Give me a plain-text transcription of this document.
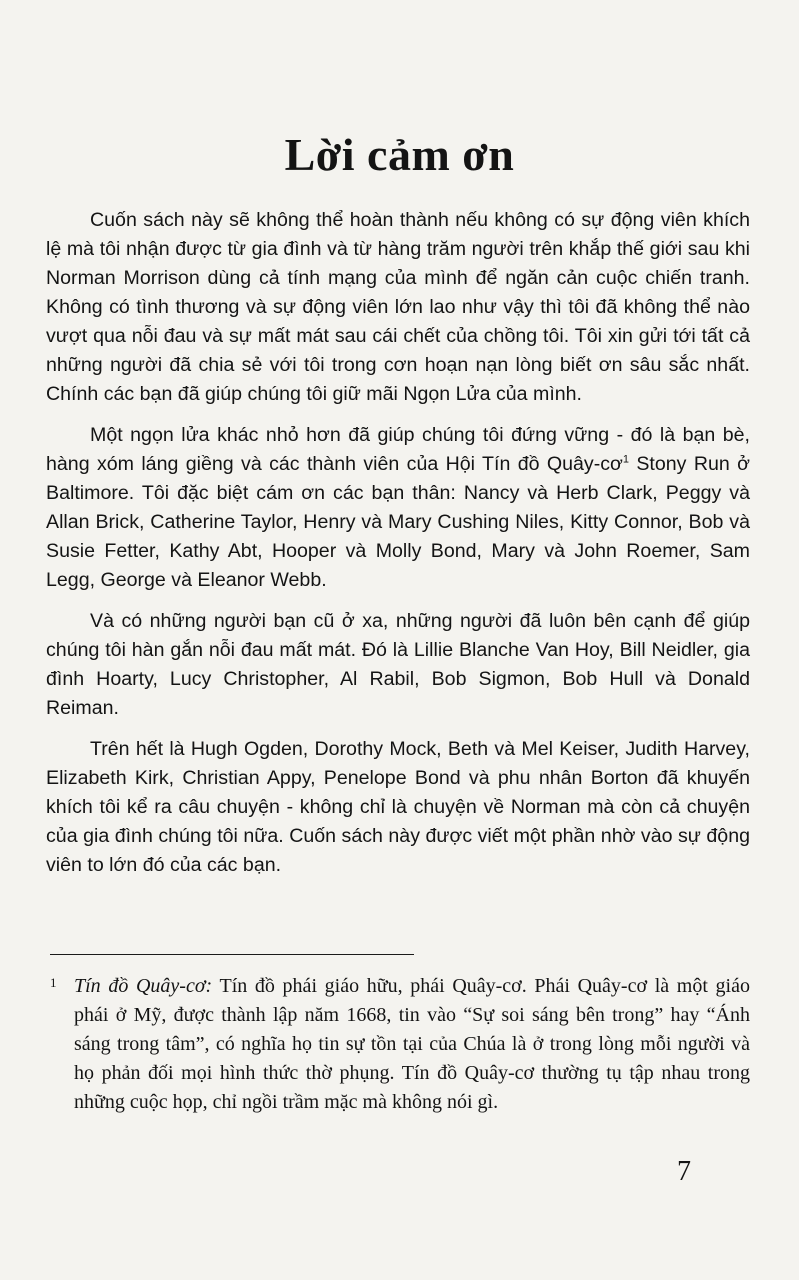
Lời cảm ơn

Cuốn sách này sẽ không thể hoàn thành nếu không có sự động viên khích lệ mà tôi nhận được từ gia đình và từ hàng trăm người trên khắp thế giới sau khi Norman Morrison dùng cả tính mạng của mình để ngăn cản cuộc chiến tranh. Không có tình thương và sự động viên lớn lao như vậy thì tôi đã không thể nào vượt qua nỗi đau và sự mất mát sau cái chết của chồng tôi. Tôi xin gửi tới tất cả những người đã chia sẻ với tôi trong cơn hoạn nạn lòng biết ơn sâu sắc nhất. Chính các bạn đã giúp chúng tôi giữ mãi Ngọn Lửa của mình.

Một ngọn lửa khác nhỏ hơn đã giúp chúng tôi đứng vững - đó là bạn bè, hàng xóm láng giềng và các thành viên của Hội Tín đồ Quây-$cơ^1$ Stony Run ở Baltimore. Tôi đặc biệt cám ơn các bạn thân: Nancy và Herb Clark, Peggy và Allan Brick, Catherine Taylor, Henry và Mary Cushing Niles, Kitty Connor, Bob và Susie Fetter, Kathy Abt, Hooper và Molly Bond, Mary và John Roemer, Sam Legg, George và Eleanor Webb.

Và có những người bạn cũ ở xa, những người đã luôn bên cạnh để giúp chúng tôi hàn gắn nỗi đau mất mát. Đó là Lillie Blanche Van Hoy, Bill Neidler, gia đình Hoarty, Lucy Christopher, Al Rabil, Bob Sigmon, Bob Hull và Donald Reiman.

Trên hết là Hugh Ogden, Dorothy Mock, Beth và Mel Keiser, Judith Harvey, Elizabeth Kirk, Christian Appy, Penelope Bond và phu nhân Borton đã khuyến khích tôi kể ra câu chuyện - không chỉ là chuyện về Norman mà còn cả chuyện của gia đình chúng tôi nữa. Cuốn sách này được viết một phần nhờ vào sự động viên to lớn đó của các bạn.

1 Tín đồ Quây-cơ: Tín đồ phái giáo hữu, phái Quây-cơ. Phái Quây-cơ là một giáo phái ở Mỹ, được thành lập năm 1668, tin vào “Sự soi sáng bên trong” hay “Ánh sáng trong tâm”, có nghĩa họ tin sự tồn tại của Chúa là ở trong lòng mỗi người và họ phản đối mọi hình thức thờ phụng. Tín đồ Quây-cơ thường tụ tập nhau trong những cuộc họp, chỉ ngồi trầm mặc mà không nói gì.

7
